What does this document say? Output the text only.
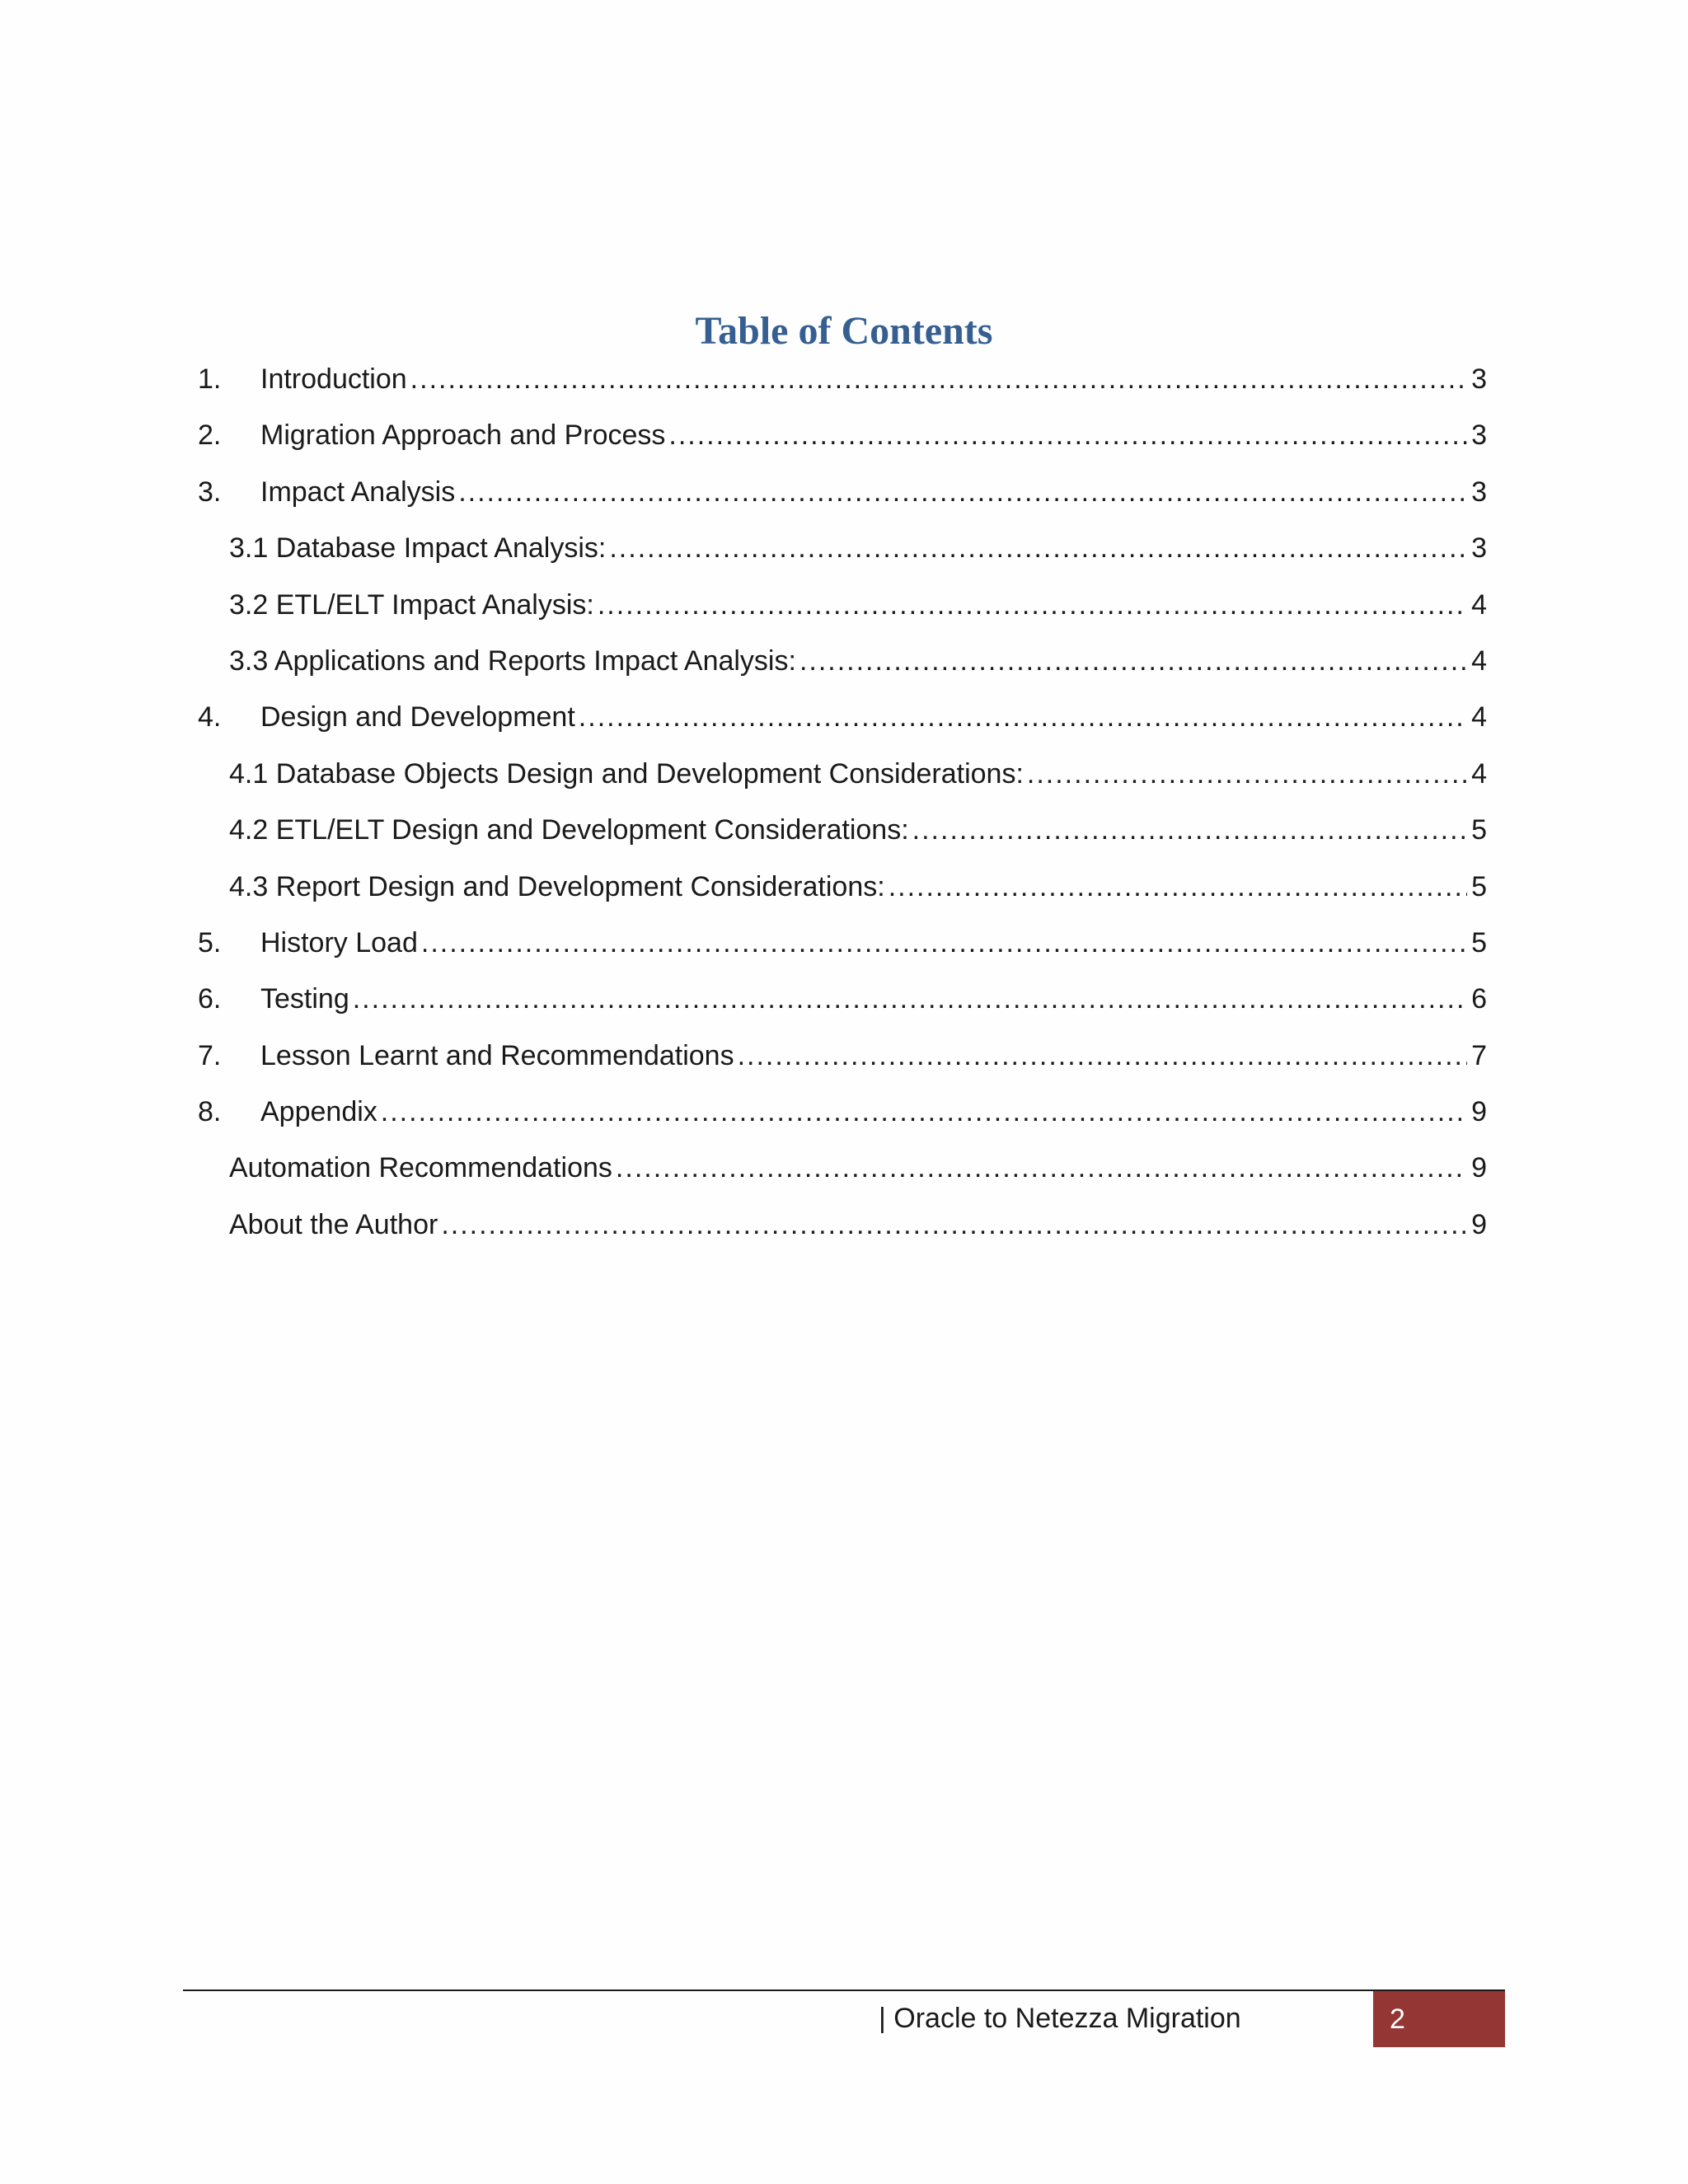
Table of Contents
1.	Introduction .....	3
2.	Migration Approach and Process .....	3
3.	Impact Analysis .....	3
3.1 Database Impact Analysis: .....	3
3.2 ETL/ELT Impact Analysis: .....	4
3.3 Applications and Reports Impact Analysis: .....	4
4.	Design and Development .....	4
4.1 Database Objects Design and Development Considerations: .....	4
4.2 ETL/ELT Design and Development Considerations: .....	5
4.3 Report Design and Development Considerations: .....	5
5.	History Load .....	5
6.	Testing .....	6
7.	Lesson Learnt and Recommendations .....	7
8.	Appendix .....	9
Automation Recommendations .....	9
About the Author .....	9
| Oracle to Netezza Migration	2
